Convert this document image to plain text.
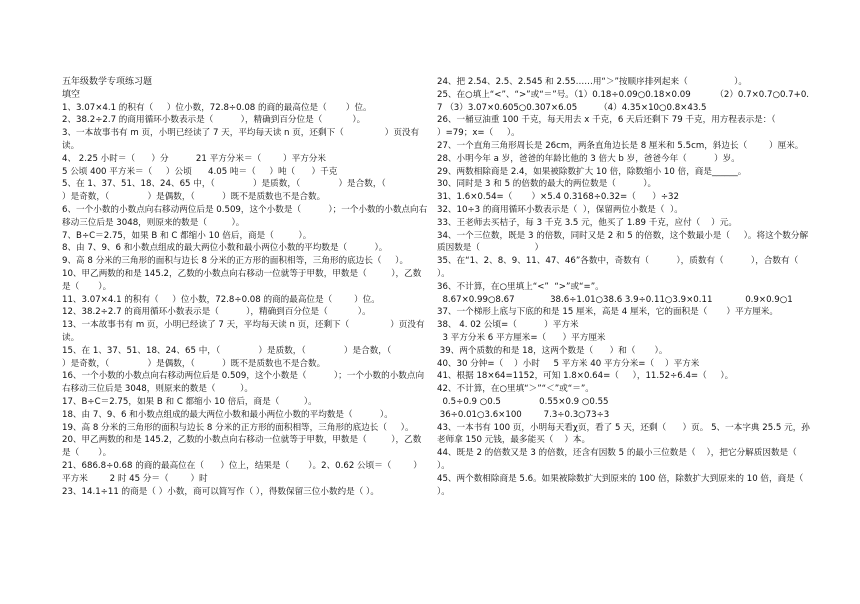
五年级数学专项练习题
填空
1、3.07×4.1 的积有（     ）位小数，72.8÷0.08 的商的最高位是（       ）位。
2、38.2÷2.7 的商用循环小数表示是（          ），精确到百分位是（           ）。
3、一本故事书有 m 页，小明已经读了 7 天，平均每天读 n 页，还剩下（               ）页没有读。
4、 2.25 小时＝（      ）分          21 平方分米＝（        ）平方分米
5 公顷 400 平方米＝（     ）公顷      4.05 吨＝（     ）吨（      ）千克
5、在 1、37、51、18、24、65 中，（              ）是质数，（              ）是合数，（                 ）是奇数，（              ）是偶数，（          ）既不是质数也不是合数。
6、一个小数的小数点向右移动两位后是 0.509，这个小数是（          ）；一个小数的小数点向右移动三位后是 3048，则原来的数是（         ）。
7、B÷C＝2.75，如果 B 和 C 都缩小 10 倍后，商是（         ）。
8、由 7、9、6 和小数点组成的最大两位小数和最小两位小数的平均数是（          ）。
9、高 8 分米的三角形的面积与边长 8 分米的正方形的面积相等，三角形的底边长（     ）。
10、甲乙两数的和是 145.2，乙数的小数点向右移动一位就等于甲数，甲数是（         ），乙数是（       ）。
11、3.07×4.1 的积有（     ）位小数，72.8÷0.08 的商的最高位是（        ）位。
12、38.2÷2.7 的商用循环小数表示是（          ），精确到百分位是（           ）。
13、一本故事书有 m 页，小明已经读了 7 天，平均每天读 n 页，还剩下（               ）页没有读。
15、在 1、37、51、18、24、65 中，（              ）是质数，（              ）是合数，（                 ）是奇数，（              ）是偶数，（          ）既不是质数也不是合数。
16、一个小数的小数点向右移动两位后是 0.509，这个小数是（          ）；一个小数的小数点向右移动三位后是 3048，则原来的数是（         ）。
17、B÷C＝2.75，如果 B 和 C 都缩小 10 倍后，商是（         ）。
18、由 7、9、6 和小数点组成的最大两位小数和最小两位小数的平均数是（          ）。
19、高 8 分米的三角形的面积与边长 8 分米的正方形的面积相等，三角形的底边长（     ）。
20、甲乙两数的和是 145.2，乙数的小数点向右移动一位就等于甲数，甲数是（         ），乙数是（       ）。
21、686.8÷0.68 的商的最高位在（      ）位上，结果是（       ）。2、0.62 公顷＝（        ）平方米        2 时 45 分＝（        ）时
23、14.1÷11 的商是（ ）小数，商可以简写作（ ），得数保留三位小数约是（ ）。
24、把 2.54、2.5、2.545 和 2.55……用“＞”按顺序排列起来（                 ）。
25、在○填上“<”、“>”或“＝”号。（1）0.18÷0.09○0.18×0.09         （2）0.7×0.7○0.7+0.7 （3）3.07×0.605○0.307×6.05        （4）4.35×10○0.8×43.5
26、一桶豆油重 100 千克，每天用去 x 千克，6 天后还剩下 79 千克，用方程表示是：（                   ）=79；x=（     ）。
27、一个直角三角形周长是 26cm，两条直角边长是 8 厘米和 5.5cm，斜边长（        ）厘米。
28、小明今年 a 岁，爸爸的年龄比他的 3 倍大 b 岁，爸爸今年（          ）岁。
29、两数相除商是 2.4，如果被除数扩大 10 倍，除数缩小 10 倍，商是______。
30、同时是 3 和 5 的倍数的最大的两位数是（          ）。
31、1.6×0.54=（       ）×5.4 0.3168÷0.32=（      ）÷32
32、10÷3 的商用循环小数表示是（  ），保留两位小数是（  ）。
33、王老师去买桔子，每 3 千克 3.5 元，他买了 1.89 千克，应付（    ）元。
34、一个三位数，既是 3 的倍数，同时又是 2 和 5 的倍数，这个数最小是（     ）。将这个数分解质因数是（                    ）
35、在“1、2、8、9、11、47、46”各数中，奇数有（          ），质数有（          ），合数有（          ）。
36、不计算，在○里填上“<”  “>”或“=”。
8.67×0.99○8.67             38.6÷1.01○38.6 3.9÷0.11○3.9×0.11            0.9×0.9○1
37、一个梯形上底与下底的和是 15 厘米，高是 4 厘米，它的面积是（       ）平方厘米。
38、 4. 02 公顷=（          ）平方米
3 平方分米 6 平方厘米=（      ）平方厘米
39、两个质数的和是 18，这两个数是（      ）和（       ）。
40、30 分钟=（    ）小时     5 平方米 40 平方分米=（    ）平方米
41、根据 18×64=1152，可知 1.8×0.64=（     ），11.52÷6.4=（     ）。
42、不计算，在○里填“＞”“＜”或“＝”。
0.5÷0.9 ○0.5              0.55×0.9 ○0.55
36÷0.01○3.6×100        7.3÷0.3○73÷3
43、一本书有 100 页，小明每天看χ页，看了 5 天，还剩（      ）页。 5、一本字典 25.5 元，孙老师拿 150 元钱，最多能买（    ）本。
44、既是 2 的倍数又是 3 的倍数，还含有因数 5 的最小三位数是（    ），把它分解质因数是（                    ）。
45、两个数相除商是 5.6。如果被除数扩大到原来的 100 倍，除数扩大到原来的 10 倍，商是（         ）。
